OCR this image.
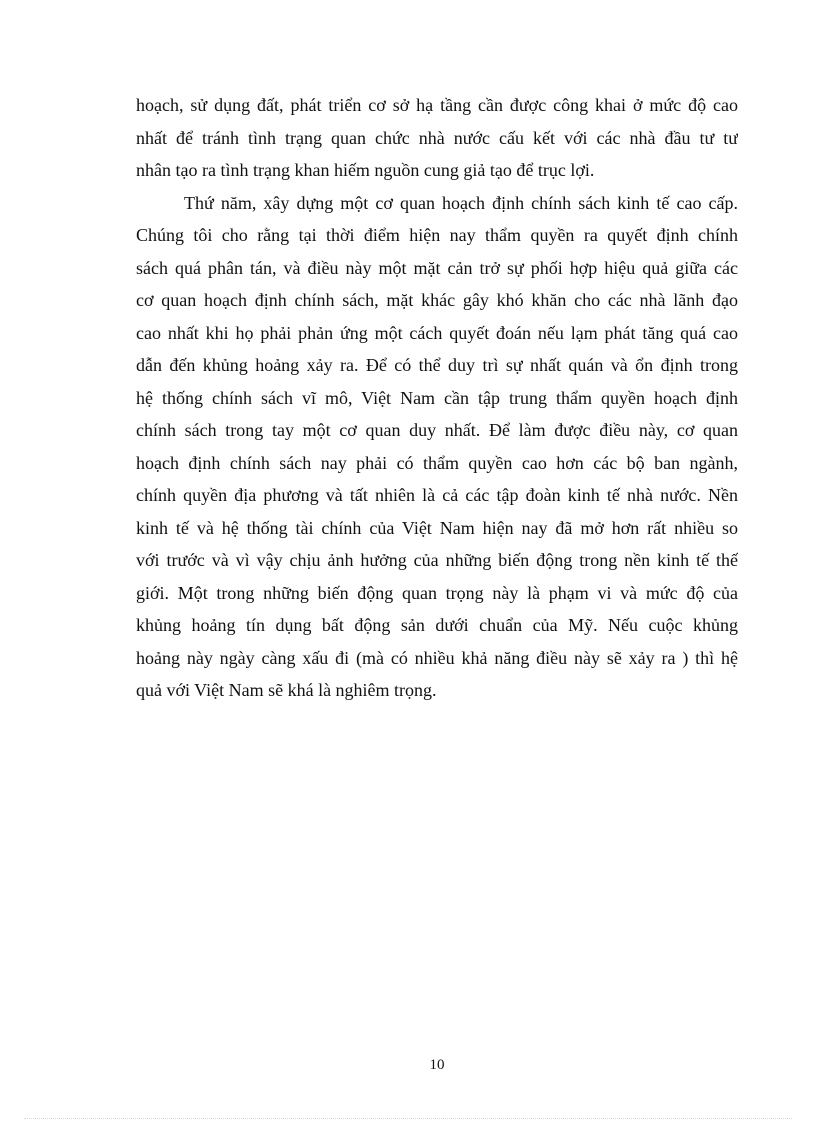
hoạch, sử dụng đất, phát triển cơ sở hạ tầng cần được công khai ở mức độ cao
nhất để tránh tình trạng quan chức nhà nước cấu kết với các nhà đầu tư tư
nhân tạo ra tình trạng khan hiếm nguồn cung giả tạo để trục lợi.
Thứ năm, xây dựng một cơ quan hoạch định chính sách kinh tế cao cấp.
Chúng tôi cho rằng tại thời điểm hiện nay thẩm quyền ra quyết định chính
sách quá phân tán, và điều này một mặt cản trở sự phối hợp hiệu quả giữa các
cơ quan hoạch định chính sách, mặt khác gây khó khăn cho các nhà lãnh đạo
cao nhất khi họ phải phản ứng một cách quyết đoán nếu lạm phát tăng quá cao
dẫn đến khủng hoảng xảy ra. Để có thể duy trì sự nhất quán và ổn định trong
hệ thống chính sách vĩ mô, Việt Nam cần tập trung thẩm quyền hoạch định
chính sách trong tay một cơ quan duy nhất. Để làm được điều này, cơ quan
hoạch định chính sách nay phải có thẩm quyền cao hơn các bộ ban ngành,
chính quyền địa phương và tất nhiên là cả các tập đoàn kinh tế nhà nước. Nền
kinh tế và hệ thống tài chính của Việt Nam hiện nay đã mở hơn rất nhiều so
với trước và vì vậy chịu ảnh hưởng của những biến động trong nền kinh tế thế
giới. Một trong những biến động quan trọng này là phạm vi và mức độ của
khủng hoảng tín dụng bất động sản dưới chuẩn của Mỹ. Nếu cuộc khủng
hoảng này ngày càng xấu đi (mà có nhiều khả năng điều này sẽ xảy ra ) thì hệ
quả với Việt Nam sẽ khá là nghiêm trọng.
10
